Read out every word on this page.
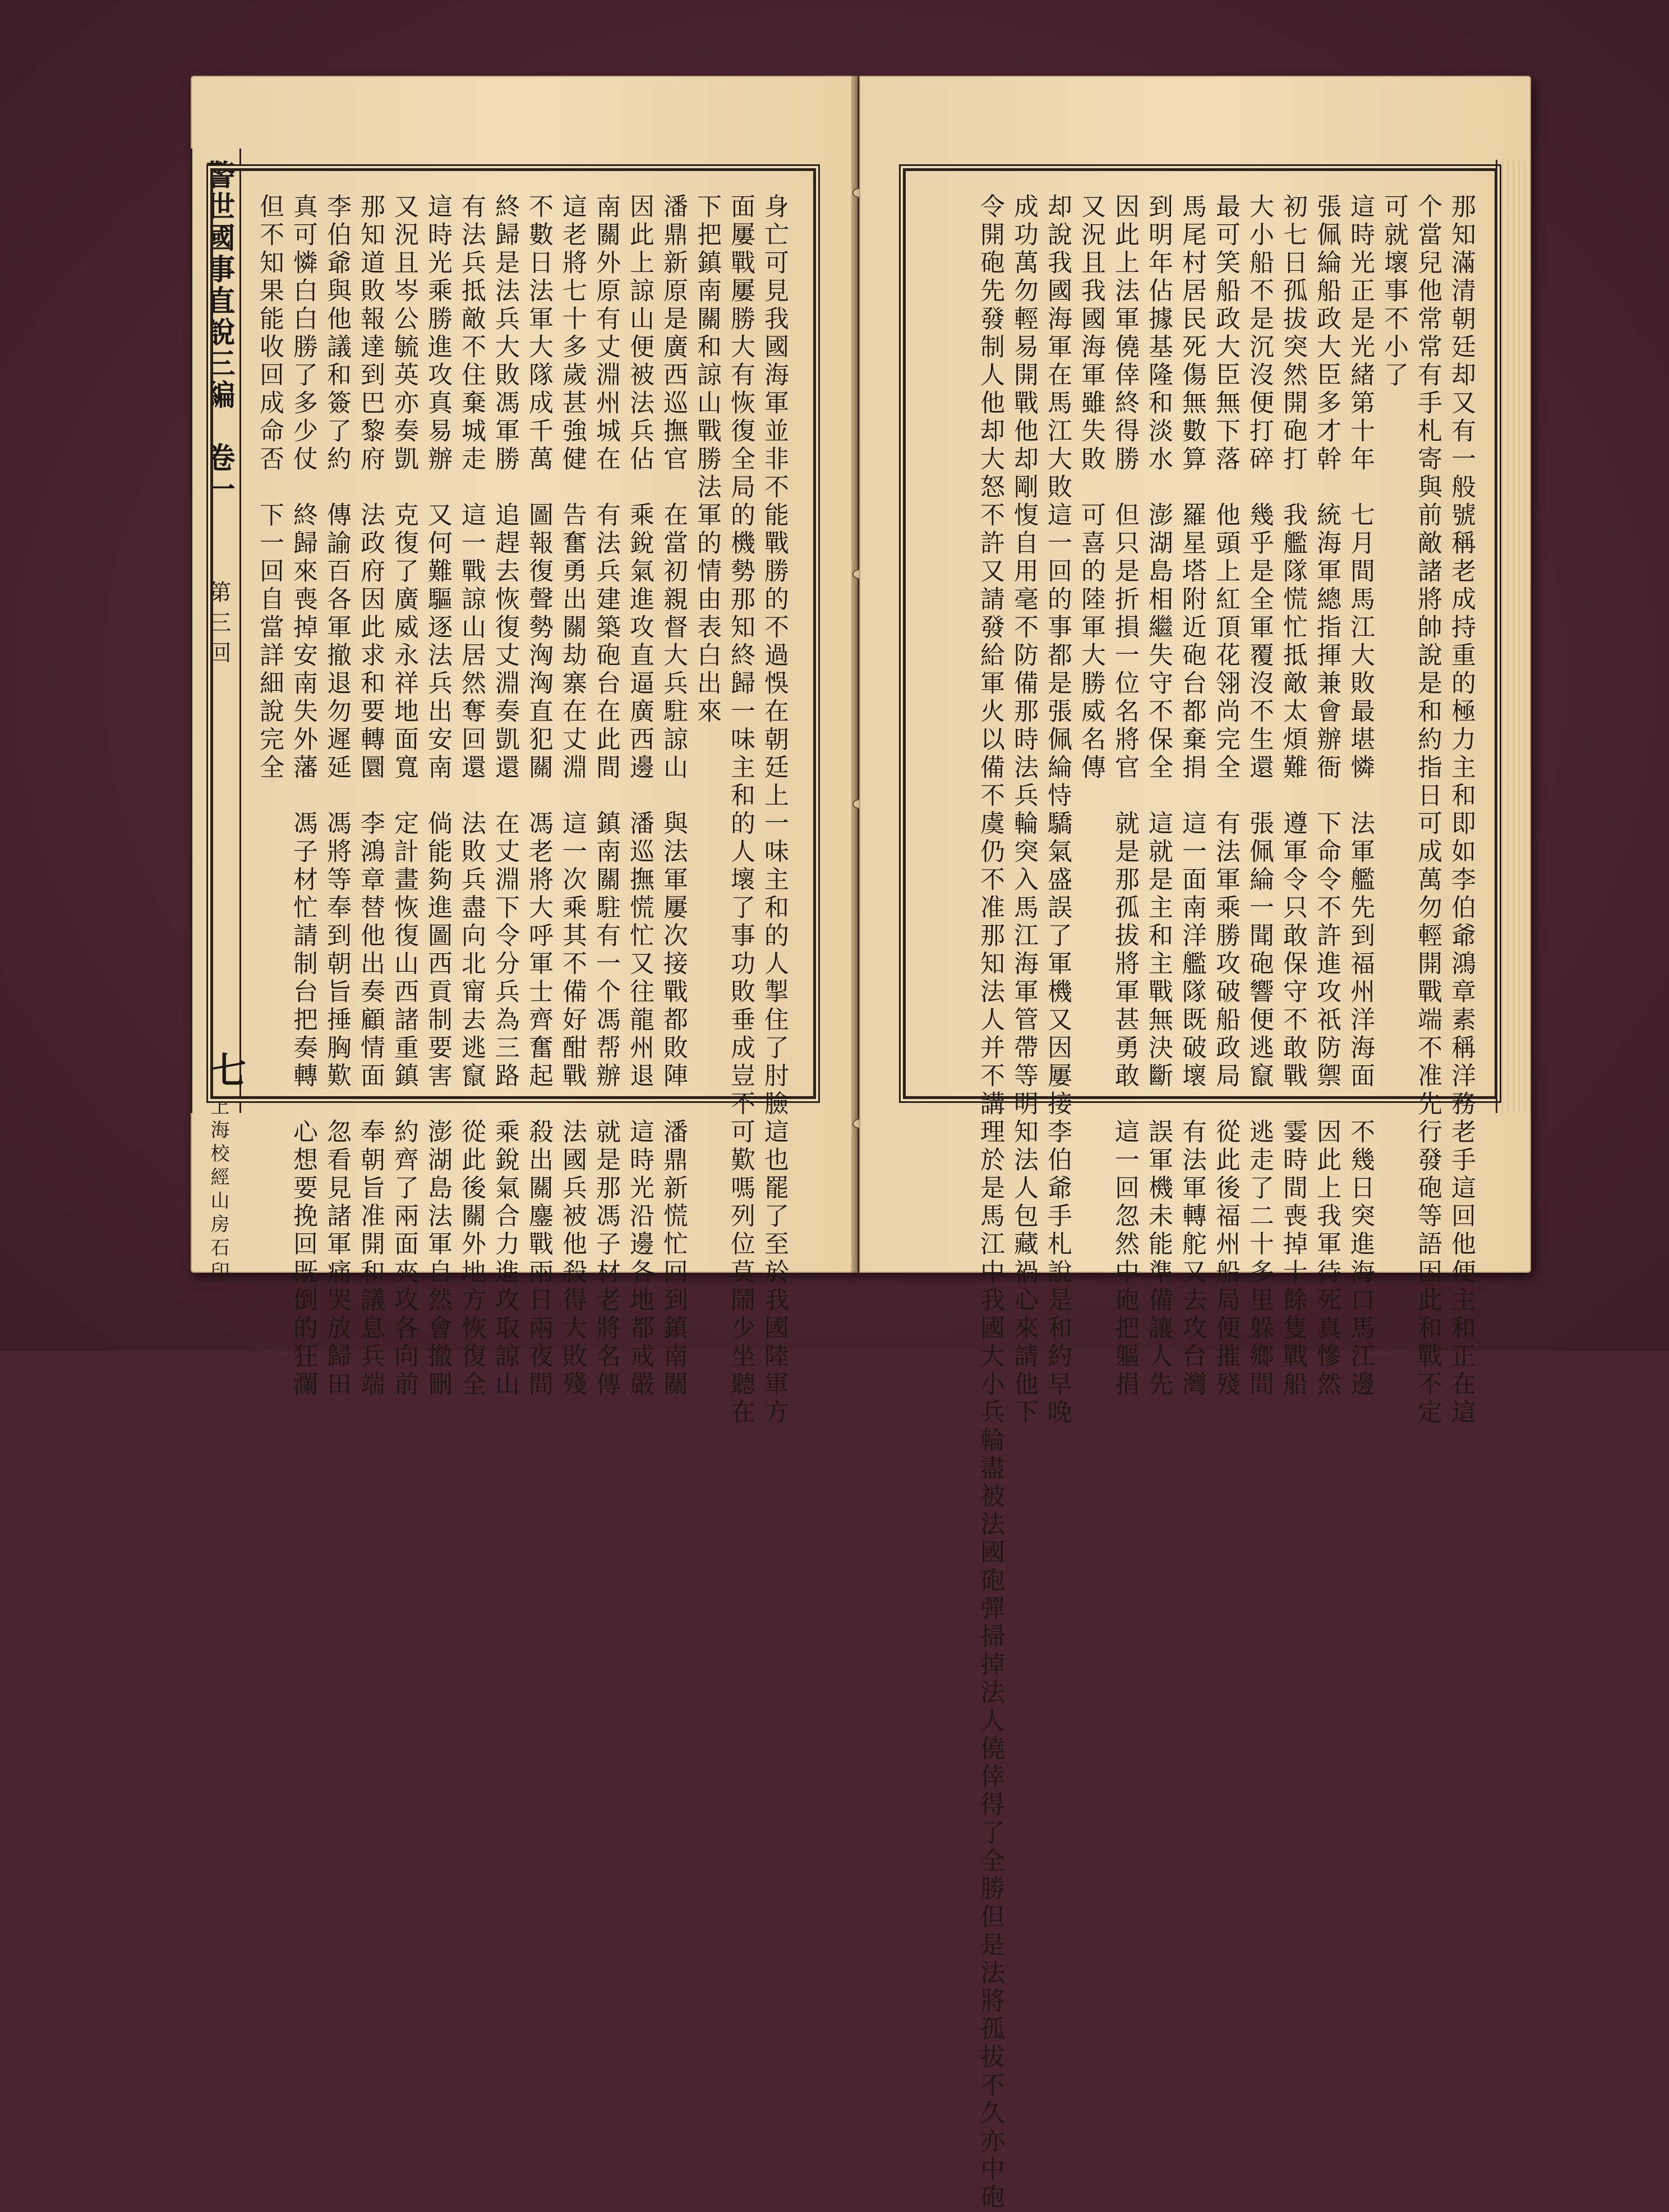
警世國事直說三編　卷一
第三回
七
上海校經山房石印	身亡可見我國海軍並非不能戰勝的不過悞在朝廷上一味主和的人掣住了肘臉這也罷了至於我國陸軍方
面屢戰屢勝大有恢復全局的機勢那知終歸一味主和的人壞了事功敗垂成豈不可歎嗎列位莫鬧少坐聽在
下把鎮南關和諒山戰勝法軍的情由表白出來
潘鼎新原是廣西巡撫官　在當初親督大兵駐諒山　與法軍屢次接戰都敗陣　潘鼎新慌忙回到鎮南關
因此上諒山便被法兵佔　乘銳氣進攻直逼廣西邊　潘巡撫慌忙又往龍州退　這時光沿邊各地都戒嚴
南關外原有丈淵州城在　有法兵建築砲台在此間　鎮南關駐有一个馮帮辦　就是那馮子材老將名傳
這老將七十多歲甚強健　告奮勇出關劫寨在丈淵　這一次乘其不備好酣戰　法國兵被他殺得大敗殘
不數日法軍大隊成千萬　圖報復聲勢洶洶直犯關　馮老將大呼軍士齊奮起　殺出關鏖戰兩日兩夜間
終歸是法兵大敗馮軍勝　追趕去恢復丈淵奏凱還　在丈淵下令分兵為三路　乘銳氣合力進攻取諒山
有法兵抵敵不住棄城走　這一戰諒山居然奪回還　法敗兵盡向北甯去逃竄　從此後關外地方恢復全
這時光乘勝進攻真易辦　又何難驅逐法兵出安南　倘能夠進圖西貢制要害　澎湖島法軍自然會撤刪
又況且岑公毓英亦奏凱　克復了廣威永祥地面寬　定計畫恢復山西諸重鎮　約齊了兩面夾攻各向前
那知道敗報達到巴黎府　法政府因此求和要轉圜　李鴻章替他出奏顧情面　奉朝旨准開和議息兵端
李伯爺與他議和簽了約　傳諭百各軍撤退勿遲延　馮將等奉到朝旨捶胸歎　忽看見諸軍痛哭放歸田
真可憐白白勝了多少仗　終歸來喪掉安南失外藩　馮子材忙請制台把奏轉　心想要挽回既倒的狂瀾
但不知果能收回成命否　下一回自當詳細說完全	那知滿清朝廷却又有一般號稱老成持重的極力主和即如李伯爺鴻章素稱洋務老手這回他便主和正在這
个當兒他常常有手札寄與前敵諸將帥說是和約指日可成萬勿輕開戰端不准先行發砲等語因此和戰不定
可就壞事不小了
這時光正是光緒第十年　七月間馬江大敗最堪憐　法軍艦先到福州洋海面　不幾日突進海口馬江邊
張佩綸船政大臣多才幹　統海軍總指揮兼會辦衙　下命令不許進攻祇防禦　因此上我軍待死真慘然
初七日孤拔突然開砲打　我艦隊慌忙抵敵太煩難　遵軍令只敢保守不敢戰　霎時間喪掉十餘隻戰船
大小船不是沉沒便打碎　幾乎是全軍覆沒不生還　張佩綸一聞砲響便逃竄　逃走了二十多里躲鄉間
最可笑船政大臣無下落　他頭上紅頂花翎尚完全　有法軍乘勝攻破船政局　從此後福州船局便摧殘
馬尾村居民死傷無數算　羅星塔附近砲台都棄捐　這一面南洋艦隊既破壞　有法軍轉舵又去攻台灣
到明年佔據基隆和淡水　澎湖島相繼失守不保全　這就是主和主戰無決斷　誤軍機未能準備讓人先
因此上法軍僥倖終得勝　但只是折損一位名將官　就是那孤拔將軍甚勇敢　這一回忽然中砲把軀捐
又況且我國海軍雖失敗　可喜的陸軍大勝威名傳
却說我國海軍在馬江大敗這一回的事都是張佩綸恃驕氣盛誤了軍機又因屢接李伯爺手札說是和約早晚
成功萬勿輕易開戰他却剛愎自用毫不防備那時法兵輪突入馬江海軍管帶等明知法人包藏禍心來請他下
令開砲先發制人他却大怒不許又請發給軍火以備不虞仍不准那知法人并不講理於是馬江中我國大小兵輪盡被法國砲彈掃掉法人僥倖得了全勝但是法將孤拔不久亦中砲
